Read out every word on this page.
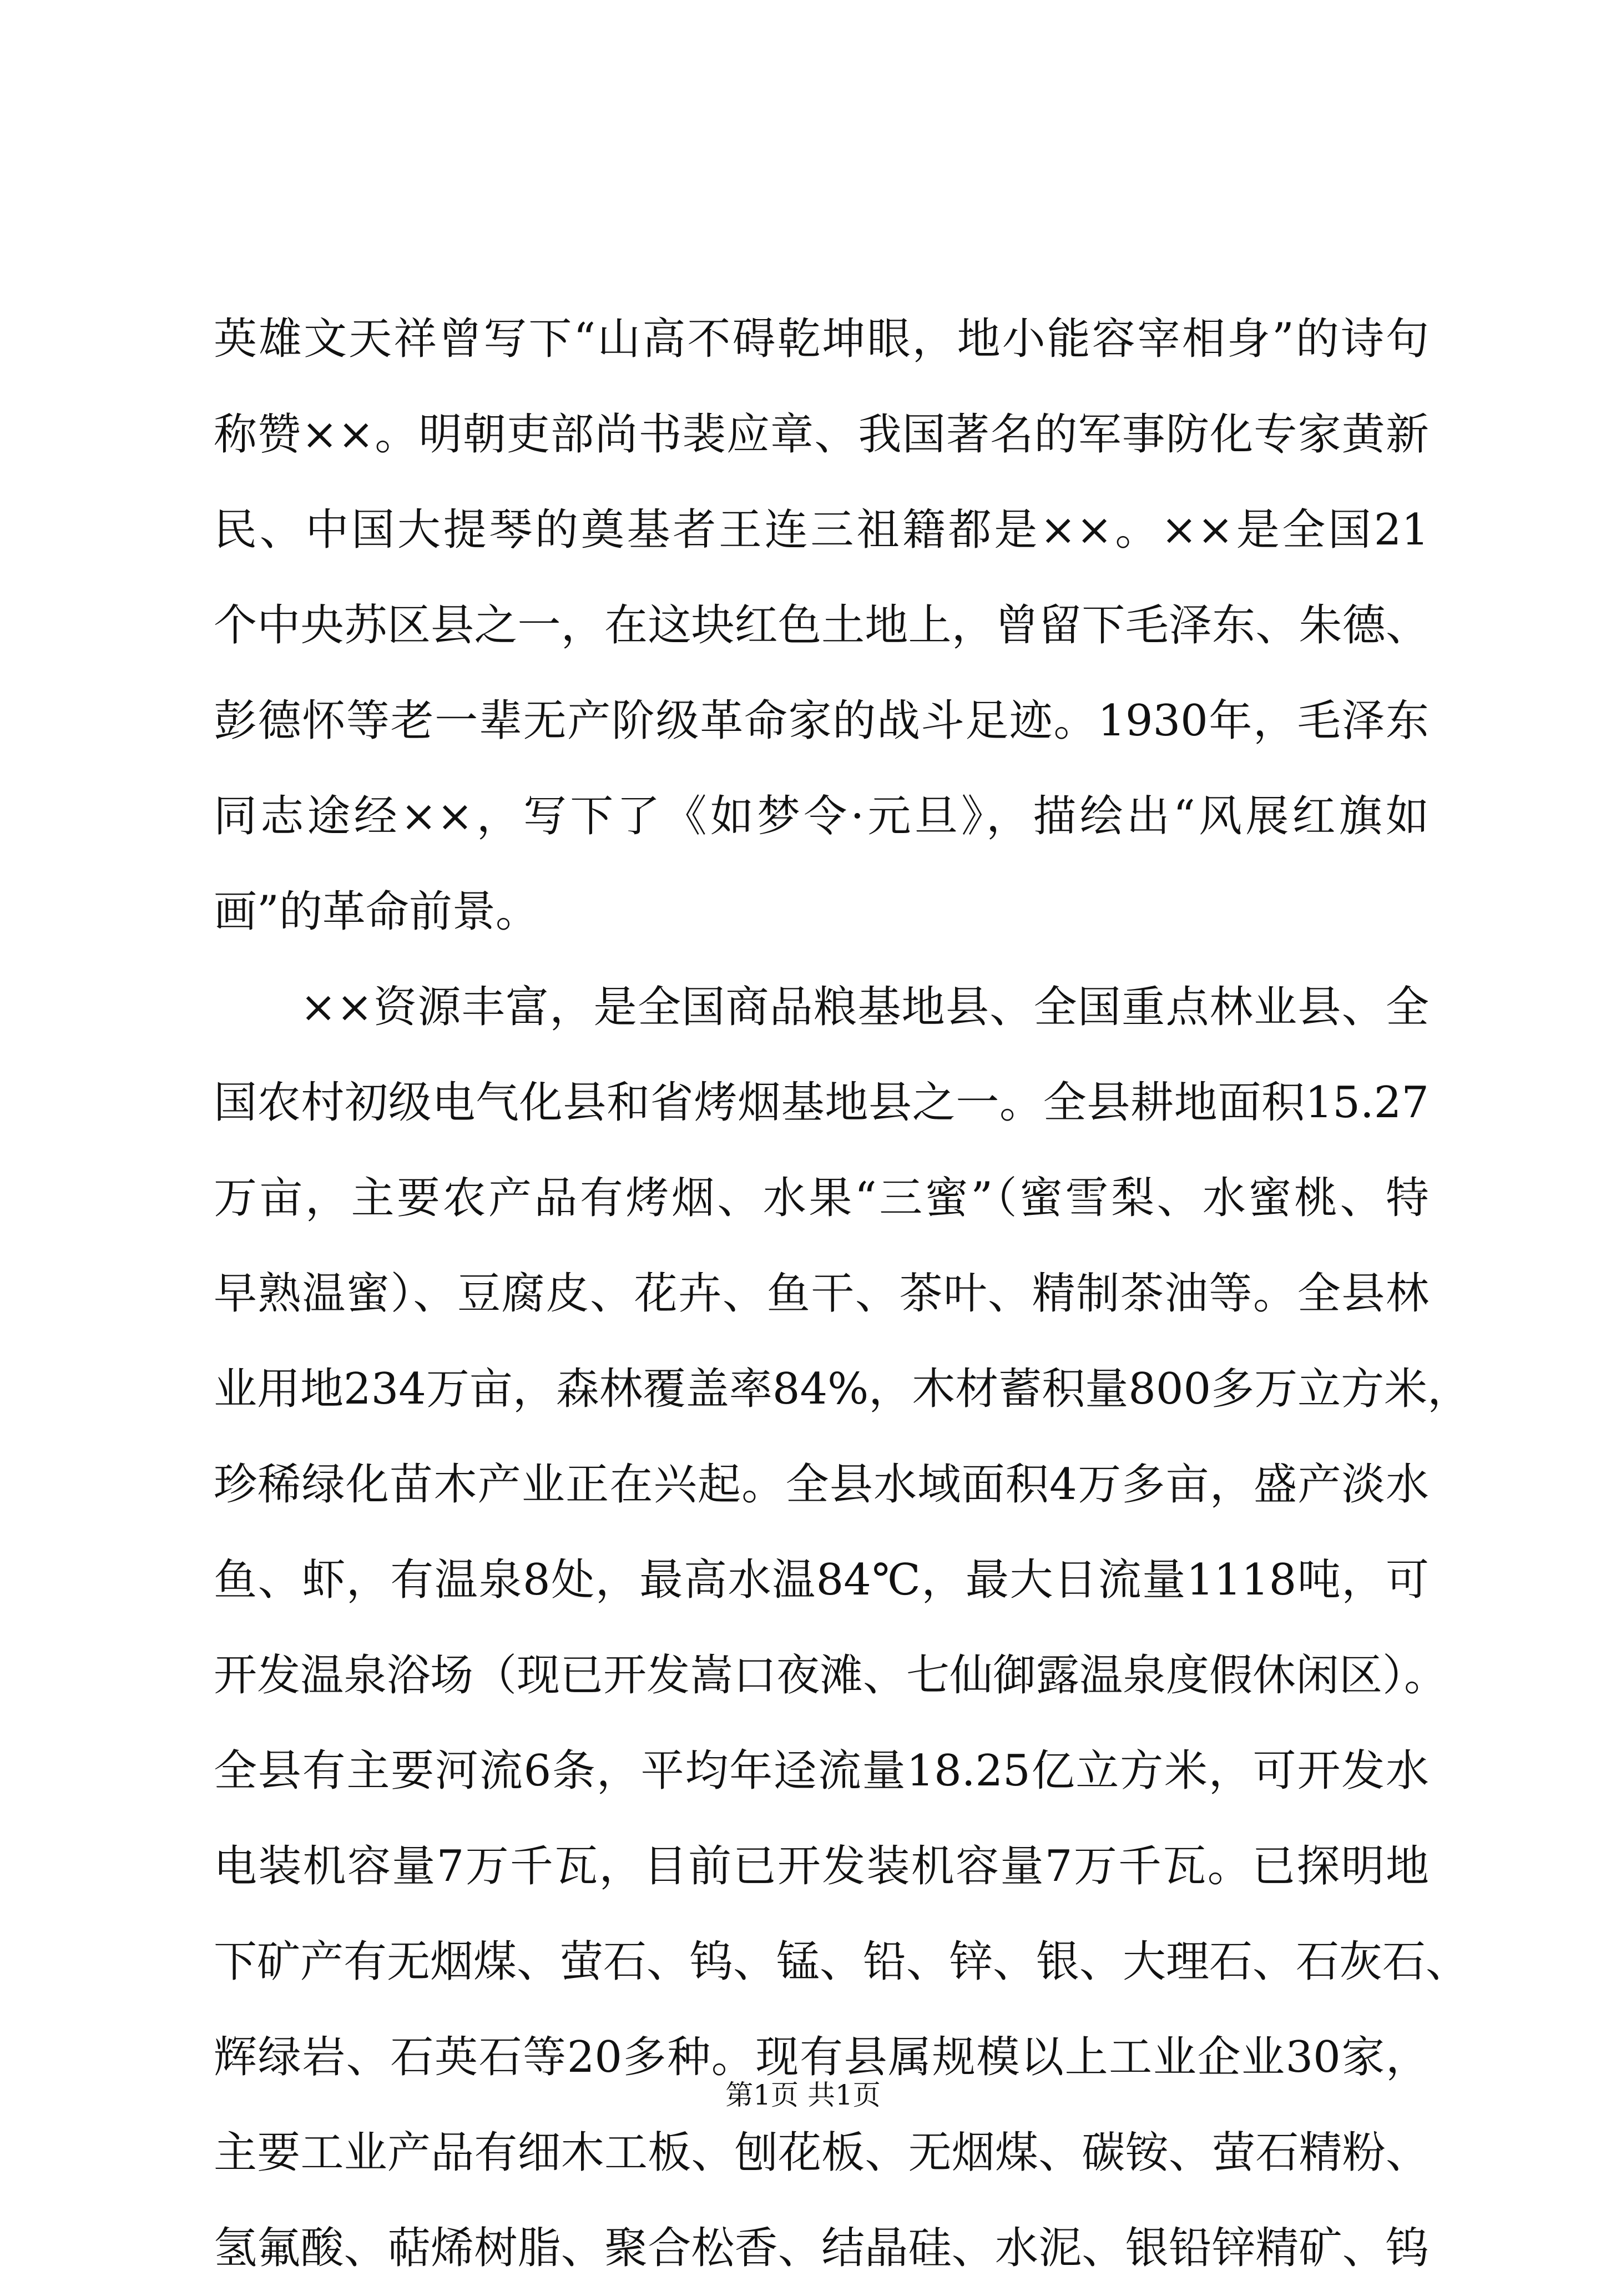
英雄文天祥曾写下“山高不碍乾坤眼，地小能容宰相身”的诗句
称赞××。明朝吏部尚书裴应章、我国著名的军事防化专家黄新
民、中国大提琴的奠基者王连三祖籍都是××。××是全国21
个中央苏区县之一，在这块红色土地上，曾留下毛泽东、朱德、
彭德怀等老一辈无产阶级革命家的战斗足迹。1930年，毛泽东
同志途经××，写下了《如梦令·元旦》，描绘出“风展红旗如
画”的革命前景。
××资源丰富，是全国商品粮基地县、全国重点林业县、全
国农村初级电气化县和省烤烟基地县之一。全县耕地面积15.27
万亩，主要农产品有烤烟、水果“三蜜”（蜜雪梨、水蜜桃、特
早熟温蜜）、豆腐皮、花卉、鱼干、茶叶、精制茶油等。全县林
业用地234万亩，森林覆盖率84%，木材蓄积量800多万立方米，
珍稀绿化苗木产业正在兴起。全县水域面积4万多亩，盛产淡水
鱼、虾，有温泉8处，最高水温84℃，最大日流量1118吨，可
开发温泉浴场（现已开发嵩口夜滩、七仙御露温泉度假休闲区）。
全县有主要河流6条，平均年迳流量18.25亿立方米，可开发水
电装机容量7万千瓦，目前已开发装机容量7万千瓦。已探明地
下矿产有无烟煤、萤石、钨、锰、铅、锌、银、大理石、石灰石、
辉绿岩、石英石等20多种。现有县属规模以上工业企业30家，
主要工业产品有细木工板、刨花板、无烟煤、碳铵、萤石精粉、
氢氟酸、萜烯树脂、聚合松香、结晶硅、水泥、银铅锌精矿、钨
第1页 共1页
